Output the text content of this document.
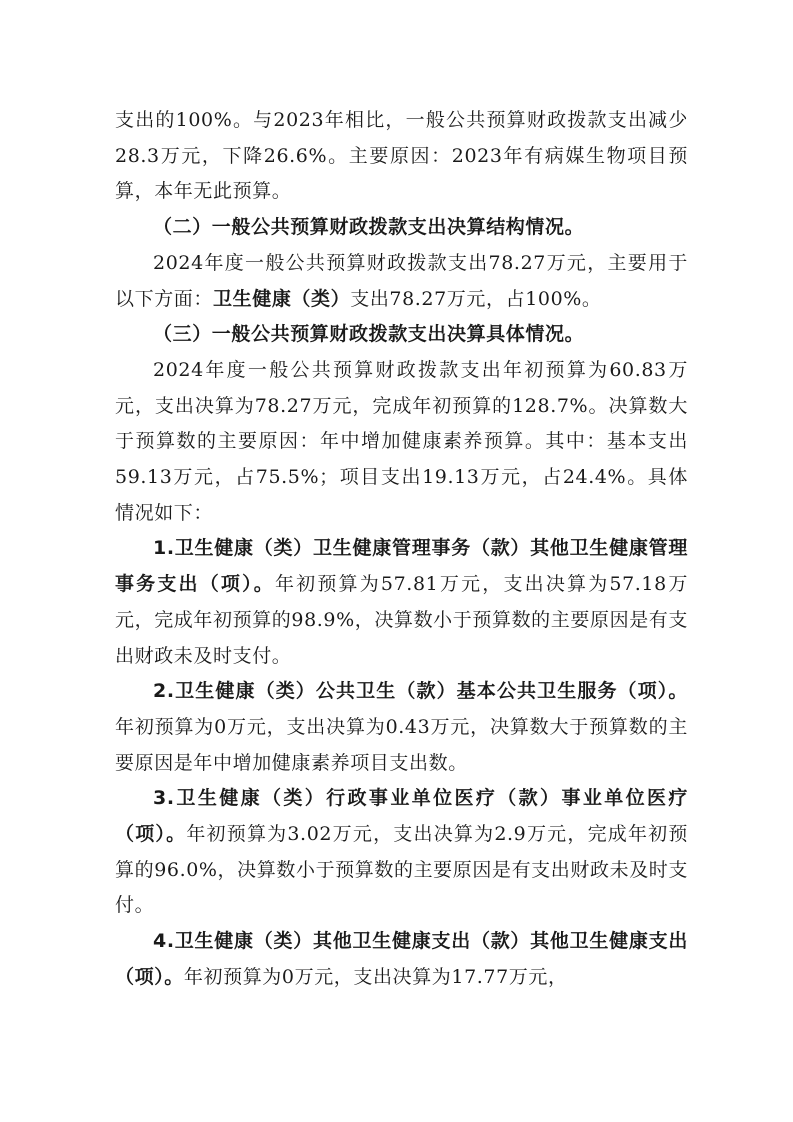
支出的100%。与2023年相比，一般公共预算财政拨款支出减少28.3万元，下降26.6%。主要原因：2023年有病媒生物项目预算，本年无此预算。

（二）一般公共预算财政拨款支出决算结构情况。

2024年度一般公共预算财政拨款支出78.27万元，主要用于以下方面：卫生健康（类）支出78.27万元，占100%。

（三）一般公共预算财政拨款支出决算具体情况。

2024年度一般公共预算财政拨款支出年初预算为60.83万元，支出决算为78.27万元，完成年初预算的128.7%。决算数大于预算数的主要原因：年中增加健康素养预算。其中：基本支出59.13万元，占75.5%；项目支出19.13万元，占24.4%。具体情况如下：

1.卫生健康（类）卫生健康管理事务（款）其他卫生健康管理事务支出（项）。年初预算为57.81万元，支出决算为57.18万元，完成年初预算的98.9%，决算数小于预算数的主要原因是有支出财政未及时支付。

2.卫生健康（类）公共卫生（款）基本公共卫生服务（项）。年初预算为0万元，支出决算为0.43万元，决算数大于预算数的主要原因是年中增加健康素养项目支出数。

3.卫生健康（类）行政事业单位医疗（款）事业单位医疗（项）。年初预算为3.02万元，支出决算为2.9万元，完成年初预算的96.0%，决算数小于预算数的主要原因是有支出财政未及时支付。

4.卫生健康（类）其他卫生健康支出（款）其他卫生健康支出（项）。年初预算为0万元，支出决算为17.77万元，
